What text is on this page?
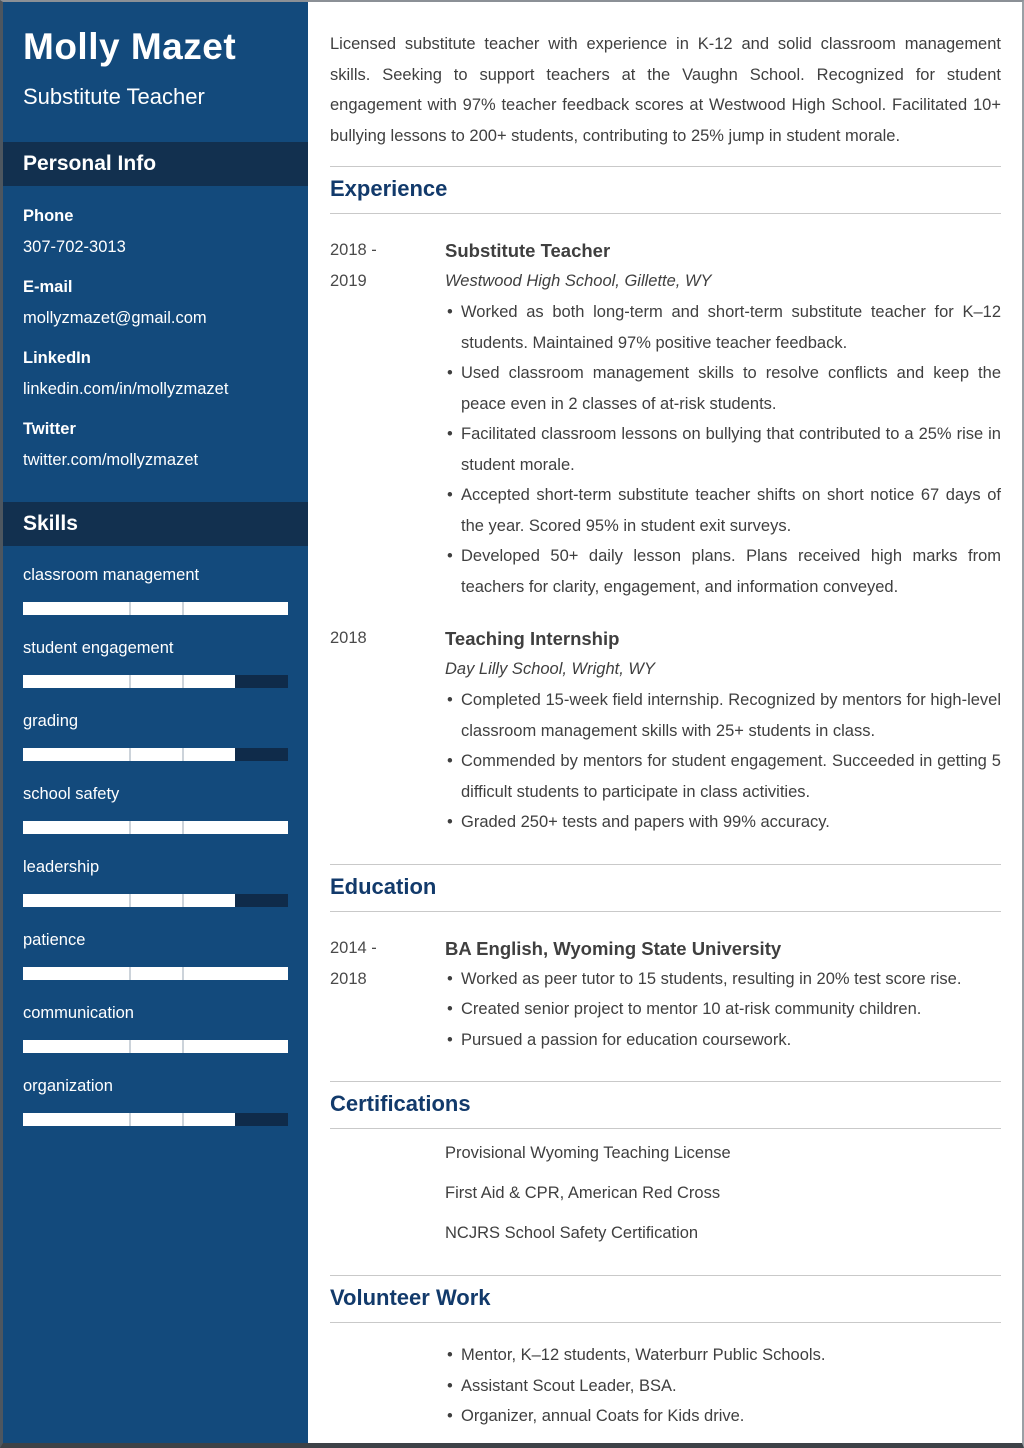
Molly Mazet
Substitute Teacher
Personal Info
Phone
307-702-3013
E-mail
mollyzmazet@gmail.com
LinkedIn
linkedin.com/in/mollyzmazet
Twitter
twitter.com/mollyzmazet
Skills
classroom management
student engagement
grading
school safety
leadership
patience
communication
organization

Licensed substitute teacher with experience in K-12 and solid classroom management skills. Seeking to support teachers at the Vaughn School. Recognized for student engagement with 97% teacher feedback scores at Westwood High School. Facilitated 10+ bullying lessons to 200+ students, contributing to 25% jump in student morale.

Experience
2018 -
2019
Substitute Teacher
Westwood High School, Gillette, WY
• Worked as both long-term and short-term substitute teacher for K–12 students. Maintained 97% positive teacher feedback.
• Used classroom management skills to resolve conflicts and keep the peace even in 2 classes of at-risk students.
• Facilitated classroom lessons on bullying that contributed to a 25% rise in student morale.
• Accepted short-term substitute teacher shifts on short notice 67 days of the year. Scored 95% in student exit surveys.
• Developed 50+ daily lesson plans. Plans received high marks from teachers for clarity, engagement, and information conveyed.
2018	Teaching Internship
Day Lilly School, Wright, WY
• Completed 15-week field internship. Recognized by mentors for high-level classroom management skills with 25+ students in class.
• Commended by mentors for student engagement. Succeeded in getting 5 difficult students to participate in class activities.
• Graded 250+ tests and papers with 99% accuracy.
Education
2014 -
2018
BA English, Wyoming State University
• Worked as peer tutor to 15 students, resulting in 20% test score rise.
• Created senior project to mentor 10 at-risk community children.
• Pursued a passion for education coursework.
Certifications
Provisional Wyoming Teaching License
First Aid & CPR, American Red Cross
NCJRS School Safety Certification
Volunteer Work
• Mentor, K–12 students, Waterburr Public Schools.
• Assistant Scout Leader, BSA.
• Organizer, annual Coats for Kids drive.
